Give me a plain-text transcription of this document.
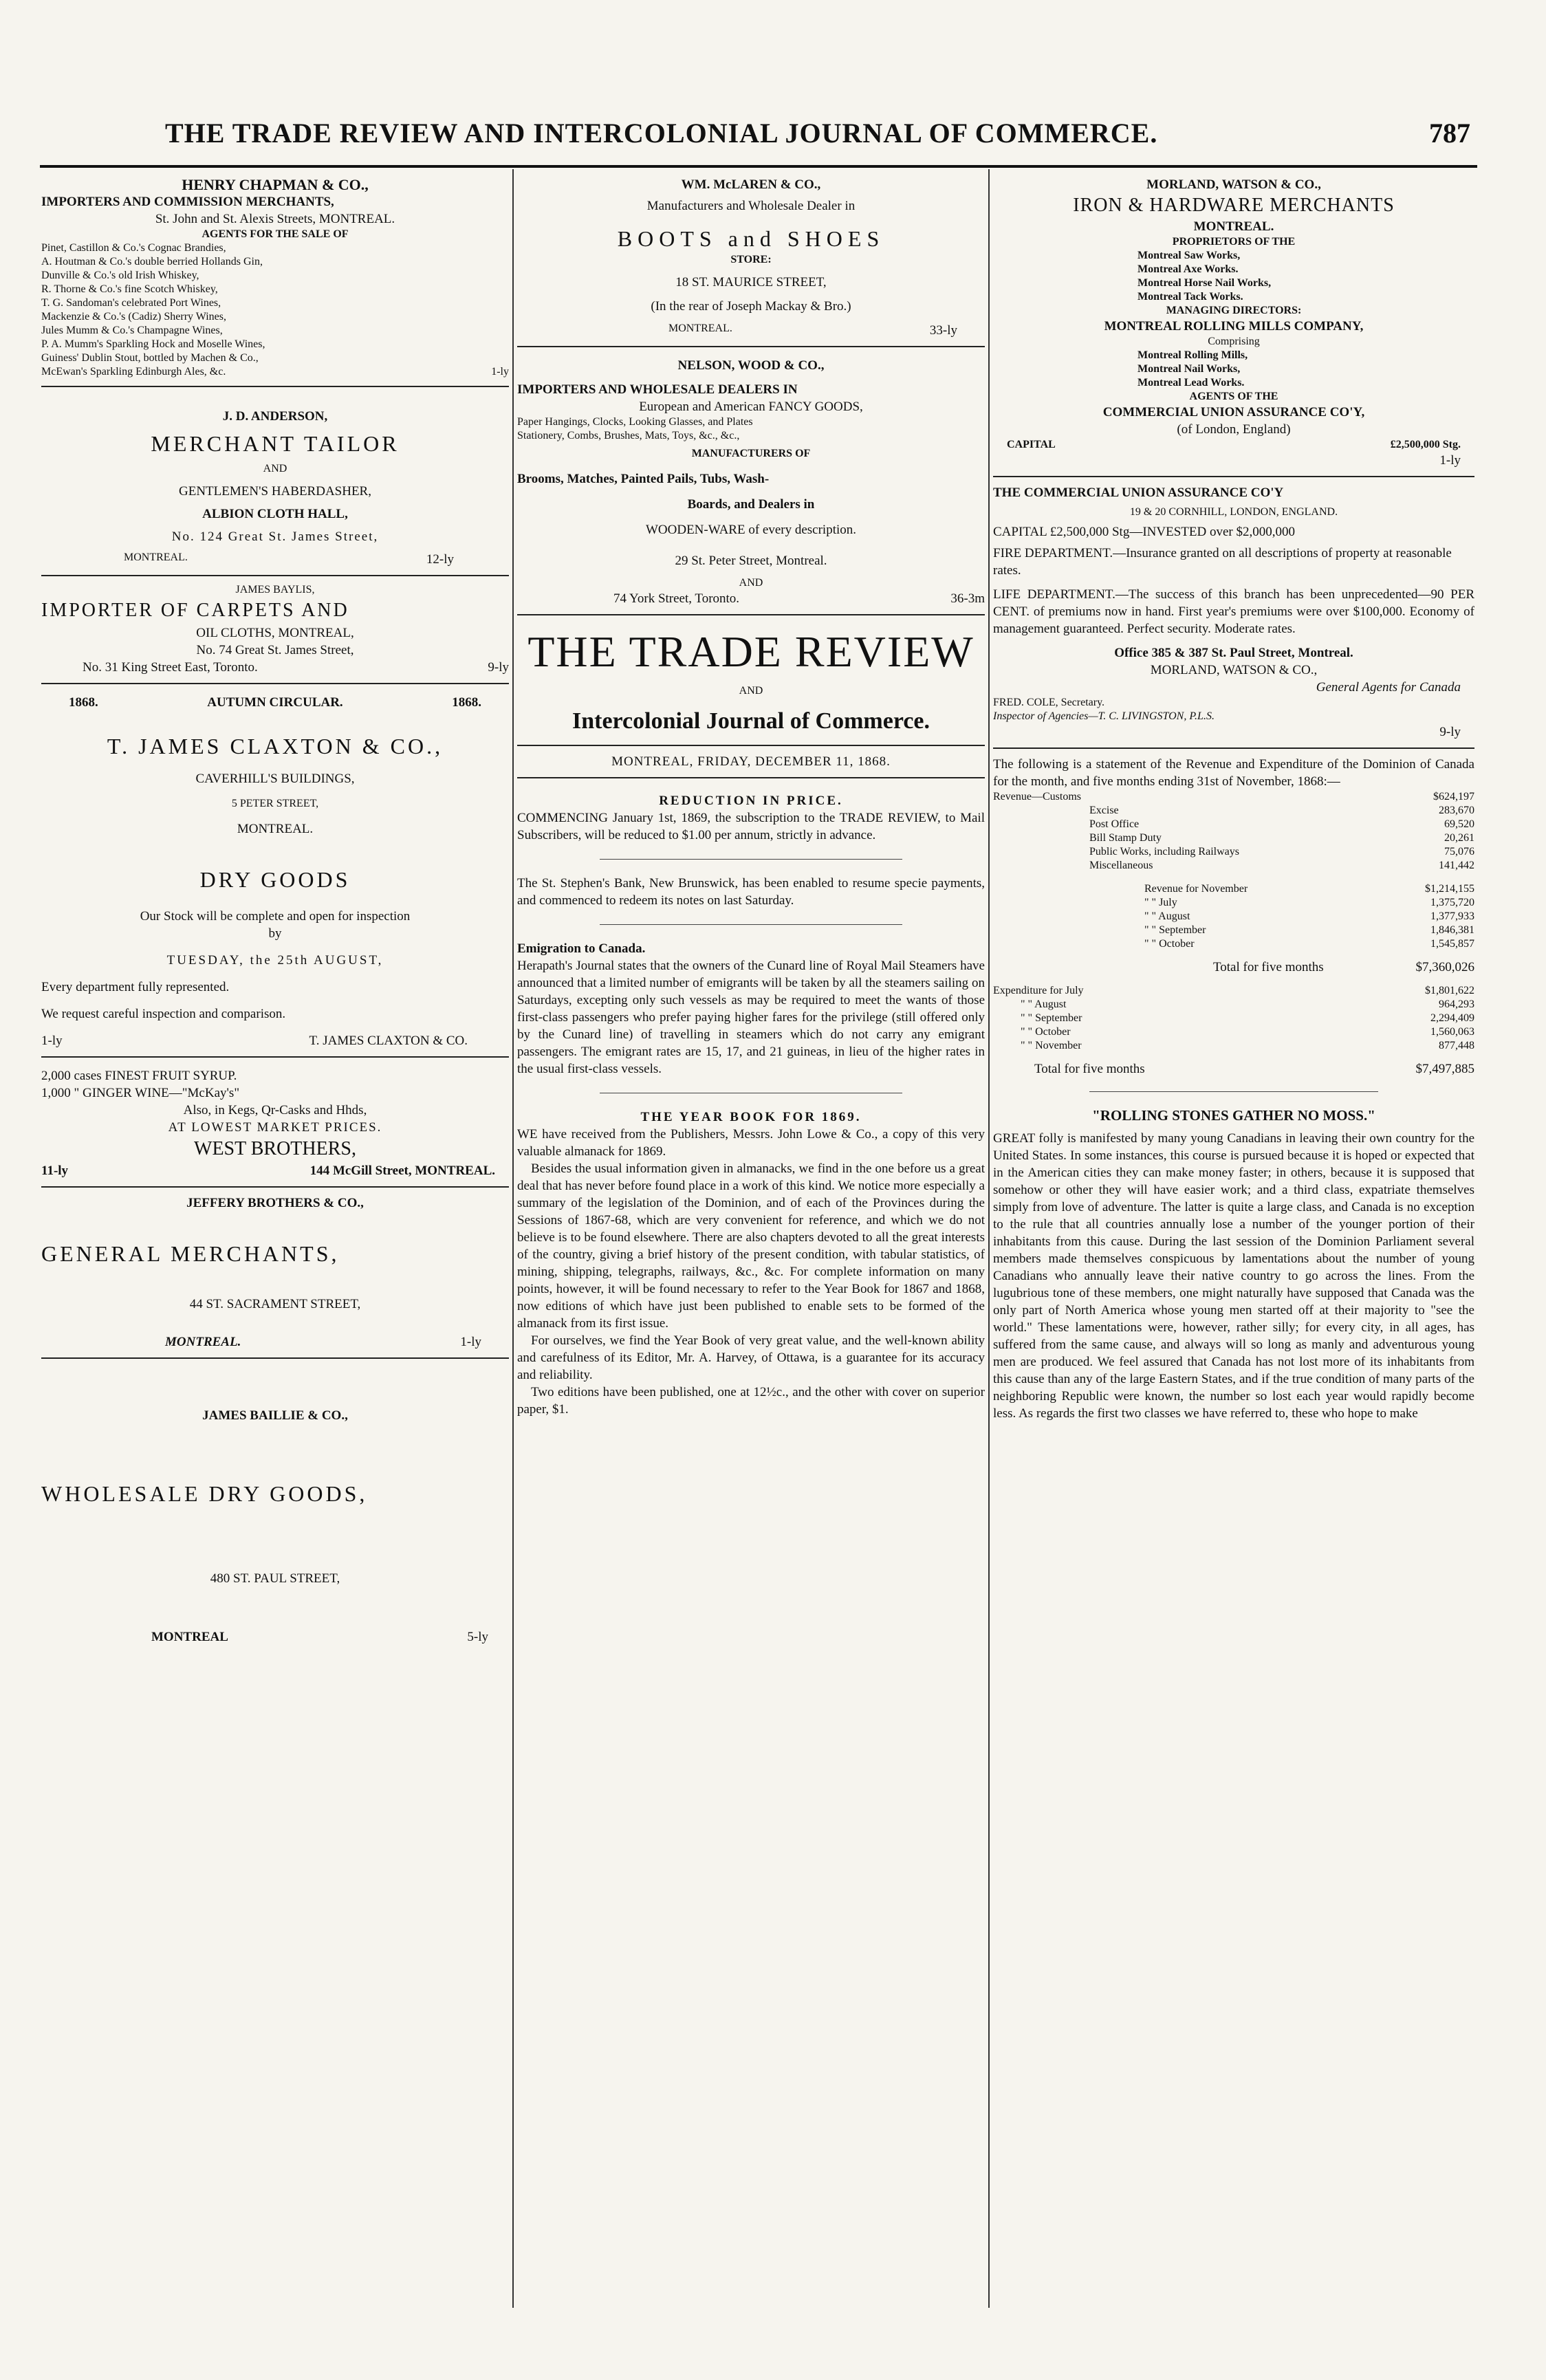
THE TRADE REVIEW AND INTERCOLONIAL JOURNAL OF COMMERCE.	787

HENRY CHAPMAN & CO.,

IMPORTERS AND COMMISSION MERCHANTS,

St. John and St. Alexis Streets, MONTREAL.

AGENTS FOR THE SALE OF

Pinet, Castillon & Co.'s Cognac Brandies,

A. Houtman & Co.'s double berried Hollands Gin,

Dunville & Co.'s old Irish Whiskey,

R. Thorne & Co.'s fine Scotch Whiskey,

T. G. Sandoman's celebrated Port Wines,

Mackenzie & Co.'s (Cadiz) Sherry Wines,

Jules Mumm & Co.'s Champagne Wines,

P. A. Mumm's Sparkling Hock and Moselle Wines,

Guiness' Dublin Stout, bottled by Machen & Co.,

McEwan's Sparkling Edinburgh Ales, &c.	1-ly

J. D. ANDERSON,

MERCHANT TAILOR

AND

GENTLEMEN'S HABERDASHER,

ALBION CLOTH HALL,

No. 124 Great St. James Street,

MONTREAL.	12-ly

JAMES BAYLIS,

IMPORTER OF CARPETS AND

OIL CLOTHS, MONTREAL,

No. 74 Great St. James Street,

No. 31 King Street East, Toronto.	9-ly
1868.	AUTUMN CIRCULAR.	1868.

T. JAMES CLAXTON & CO.,

CAVERHILL'S BUILDINGS,

5 PETER STREET,

MONTREAL.

DRY GOODS

Our Stock will be complete and open for inspection

by

TUESDAY, the 25th AUGUST,

Every department fully represented.

We request careful inspection and comparison.

1-ly	T. JAMES CLAXTON & CO.

2,000 cases FINEST FRUIT SYRUP.

1,000 " GINGER WINE—"McKay's"

Also, in Kegs, Qr-Casks and Hhds,

AT LOWEST MARKET PRICES.

WEST BROTHERS,

11-ly	144 McGill Street, MONTREAL.

JEFFERY BROTHERS & CO.,

GENERAL MERCHANTS,

44 ST. SACRAMENT STREET,

MONTREAL.	1-ly

JAMES BAILLIE & CO.,

WHOLESALE DRY GOODS,

480 ST. PAUL STREET,

MONTREAL	5-ly

WM. McLAREN & CO.,

Manufacturers and Wholesale Dealer in

BOOTS and SHOES

STORE:

18 ST. MAURICE STREET,

(In the rear of Joseph Mackay & Bro.)

MONTREAL.	33-ly

NELSON, WOOD & CO.,

IMPORTERS AND WHOLESALE DEALERS IN

European and American FANCY GOODS,

Paper Hangings, Clocks, Looking Glasses, and Plates

Stationery, Combs, Brushes, Mats, Toys, &c., &c.,

MANUFACTURERS OF

Brooms, Matches, Painted Pails, Tubs, Wash-

Boards, and Dealers in

WOODEN-WARE of every description.

29 St. Peter Street, Montreal.

AND

74 York Street, Toronto.	36-3m

THE TRADE REVIEW

AND

Intercolonial Journal of Commerce.

MONTREAL, FRIDAY, DECEMBER 11, 1868.

REDUCTION IN PRICE.

COMMENCING January 1st, 1869, the subscription to the TRADE REVIEW, to Mail Subscribers, will be reduced to $1.00 per annum, strictly in advance.

The St. Stephen's Bank, New Brunswick, has been enabled to resume specie payments, and commenced to redeem its notes on last Saturday.

Emigration to Canada.

Herapath's Journal states that the owners of the Cunard line of Royal Mail Steamers have announced that a limited number of emigrants will be taken by all the steamers sailing on Saturdays, excepting only such vessels as may be required to meet the wants of those first-class passengers who prefer paying higher fares for the privilege (still offered only by the Cunard line) of travelling in steamers which do not carry any emigrant passengers. The emigrant rates are 15, 17, and 21 guineas, in lieu of the higher rates in the usual first-class vessels.

THE YEAR BOOK FOR 1869.

WE have received from the Publishers, Messrs. John Lowe & Co., a copy of this very valuable almanack for 1869.

Besides the usual information given in almanacks, we find in the one before us a great deal that has never before found place in a work of this kind. We notice more especially a summary of the legislation of the Dominion, and of each of the Provinces during the Sessions of 1867-68, which are very convenient for reference, and which we do not believe is to be found elsewhere. There are also chapters devoted to all the great interests of the country, giving a brief history of the present condition, with tabular statistics, of mining, shipping, telegraphs, railways, &c., &c. For complete information on many points, however, it will be found necessary to refer to the Year Book for 1867 and 1868, now editions of which have just been published to enable sets to be formed of the almanack from its first issue.

For ourselves, we find the Year Book of very great value, and the well-known ability and carefulness of its Editor, Mr. A. Harvey, of Ottawa, is a guarantee for its accuracy and reliability.

Two editions have been published, one at 12½c., and the other with cover on superior paper, $1.

MORLAND, WATSON & CO.,

IRON & HARDWARE MERCHANTS

MONTREAL.

PROPRIETORS OF THE

Montreal Saw Works,

Montreal Axe Works.

Montreal Horse Nail Works,

Montreal Tack Works.

MANAGING DIRECTORS:

MONTREAL ROLLING MILLS COMPANY,

Comprising

Montreal Rolling Mills,

Montreal Nail Works,

Montreal Lead Works.

AGENTS OF THE

COMMERCIAL UNION ASSURANCE CO'Y,

(of London, England)

CAPITAL	£2,500,000 Stg.

1-ly

THE COMMERCIAL UNION ASSURANCE CO'Y

19 & 20 CORNHILL, LONDON, ENGLAND.

CAPITAL £2,500,000 Stg—INVESTED over $2,000,000

FIRE DEPARTMENT.—Insurance granted on all descriptions of property at reasonable rates.

LIFE DEPARTMENT.—The success of this branch has been unprecedented—90 PER CENT. of premiums now in hand. First year's premiums were over $100,000. Economy of management guaranteed. Perfect security. Moderate rates.

Office 385 & 387 St. Paul Street, Montreal.

MORLAND, WATSON & CO.,

General Agents for Canada

FRED. COLE, Secretary.

Inspector of Agencies—T. C. LIVINGSTON, P.L.S.

9-ly

The following is a statement of the Revenue and Expenditure of the Dominion of Canada for the month, and five months ending 31st of November, 1868:—

Revenue—Customs	$624,197
Excise	283,670
Post Office	69,520
Bill Stamp Duty	20,261
Public Works, including Railways	75,076
Miscellaneous	141,442
Revenue for November	$1,214,155
" " July	1,375,720
" " August	1,377,933
" " September	1,846,381
" " October	1,545,857
Total for five months	$7,360,026
Expenditure for July	$1,801,622
" " August	964,293
" " September	2,294,409
" " October	1,560,063
" " November	877,448
Total for five months	$7,497,885

"ROLLING STONES GATHER NO MOSS."

GREAT folly is manifested by many young Canadians in leaving their own country for the United States. In some instances, this course is pursued because it is hoped or expected that in the American cities they can make money faster; in others, because it is supposed that somehow or other they will have easier work; and a third class, expatriate themselves simply from love of adventure. The latter is quite a large class, and Canada is no exception to the rule that all countries annually lose a number of the younger portion of their inhabitants from this cause. During the last session of the Dominion Parliament several members made themselves conspicuous by lamentations about the number of young Canadians who annually leave their native country to go across the lines. From the lugubrious tone of these members, one might naturally have supposed that Canada was the only part of North America whose young men started off at their majority to "see the world." These lamentations were, however, rather silly; for every city, in all ages, has suffered from the same cause, and always will so long as manly and adventurous young men are produced. We feel assured that Canada has not lost more of its inhabitants from this cause than any of the large Eastern States, and if the true condition of many parts of the neighboring Republic were known, the number so lost each year would rapidly become less. As regards the first two classes we have referred to, these who hope to make
